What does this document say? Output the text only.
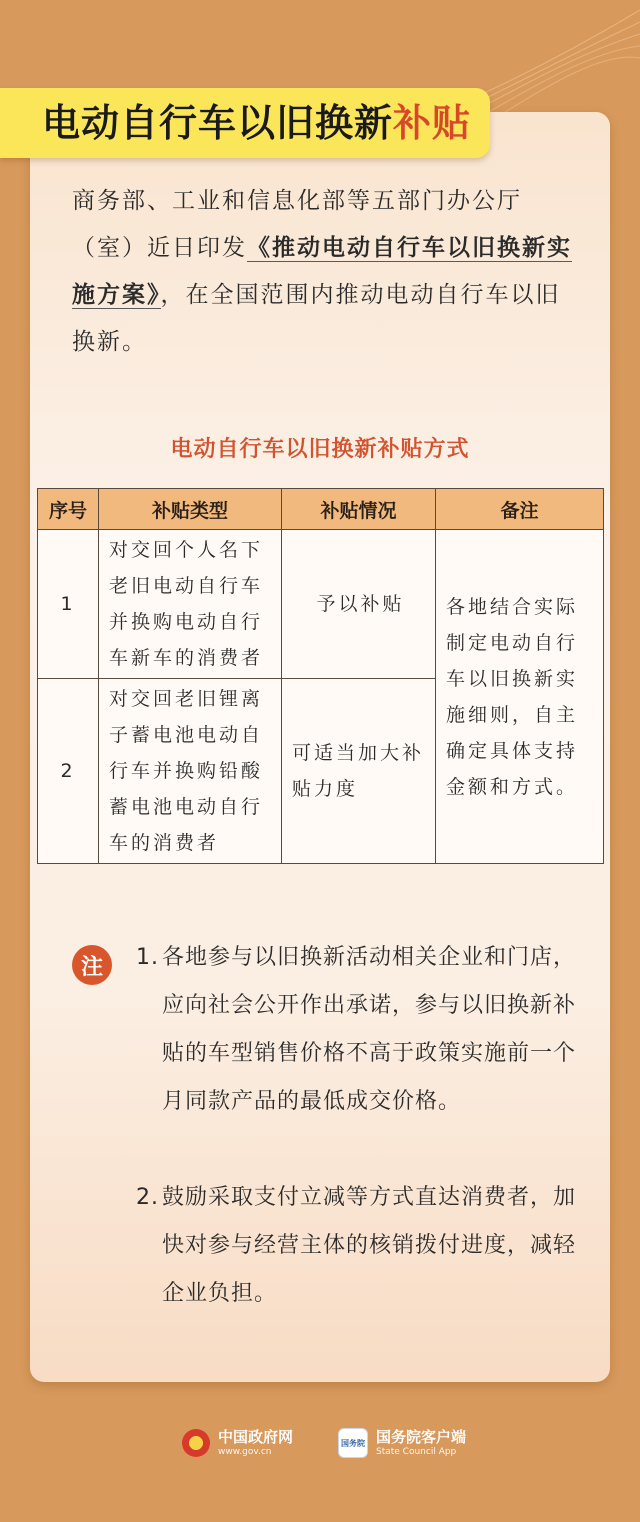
电动自行车以旧换新补贴
商务部、工业和信息化部等五部门办公厅（室）近日印发《推动电动自行车以旧换新实施方案》，在全国范围内推动电动自行车以旧换新。
电动自行车以旧换新补贴方式
序号	补贴类型	补贴情况	备注
1	对交回个人名下老旧电动自行车并换购电动自行车新车的消费者	予以补贴	各地结合实际制定电动自行车以旧换新实施细则，自主确定具体支持金额和方式。
2	对交回老旧锂离子蓄电池电动自行车并换购铅酸蓄电池电动自行车的消费者	可适当加大补贴力度	
注	1. 各地参与以旧换新活动相关企业和门店，应向社会公开作出承诺，参与以旧换新补贴的车型销售价格不高于政策实施前一个月同款产品的最低成交价格。
2. 鼓励采取支付立减等方式直达消费者，加快对参与经营主体的核销拨付进度，减轻企业负担。
中国政府网
www.gov.cn
国务院 国务院客户端
State Council App
